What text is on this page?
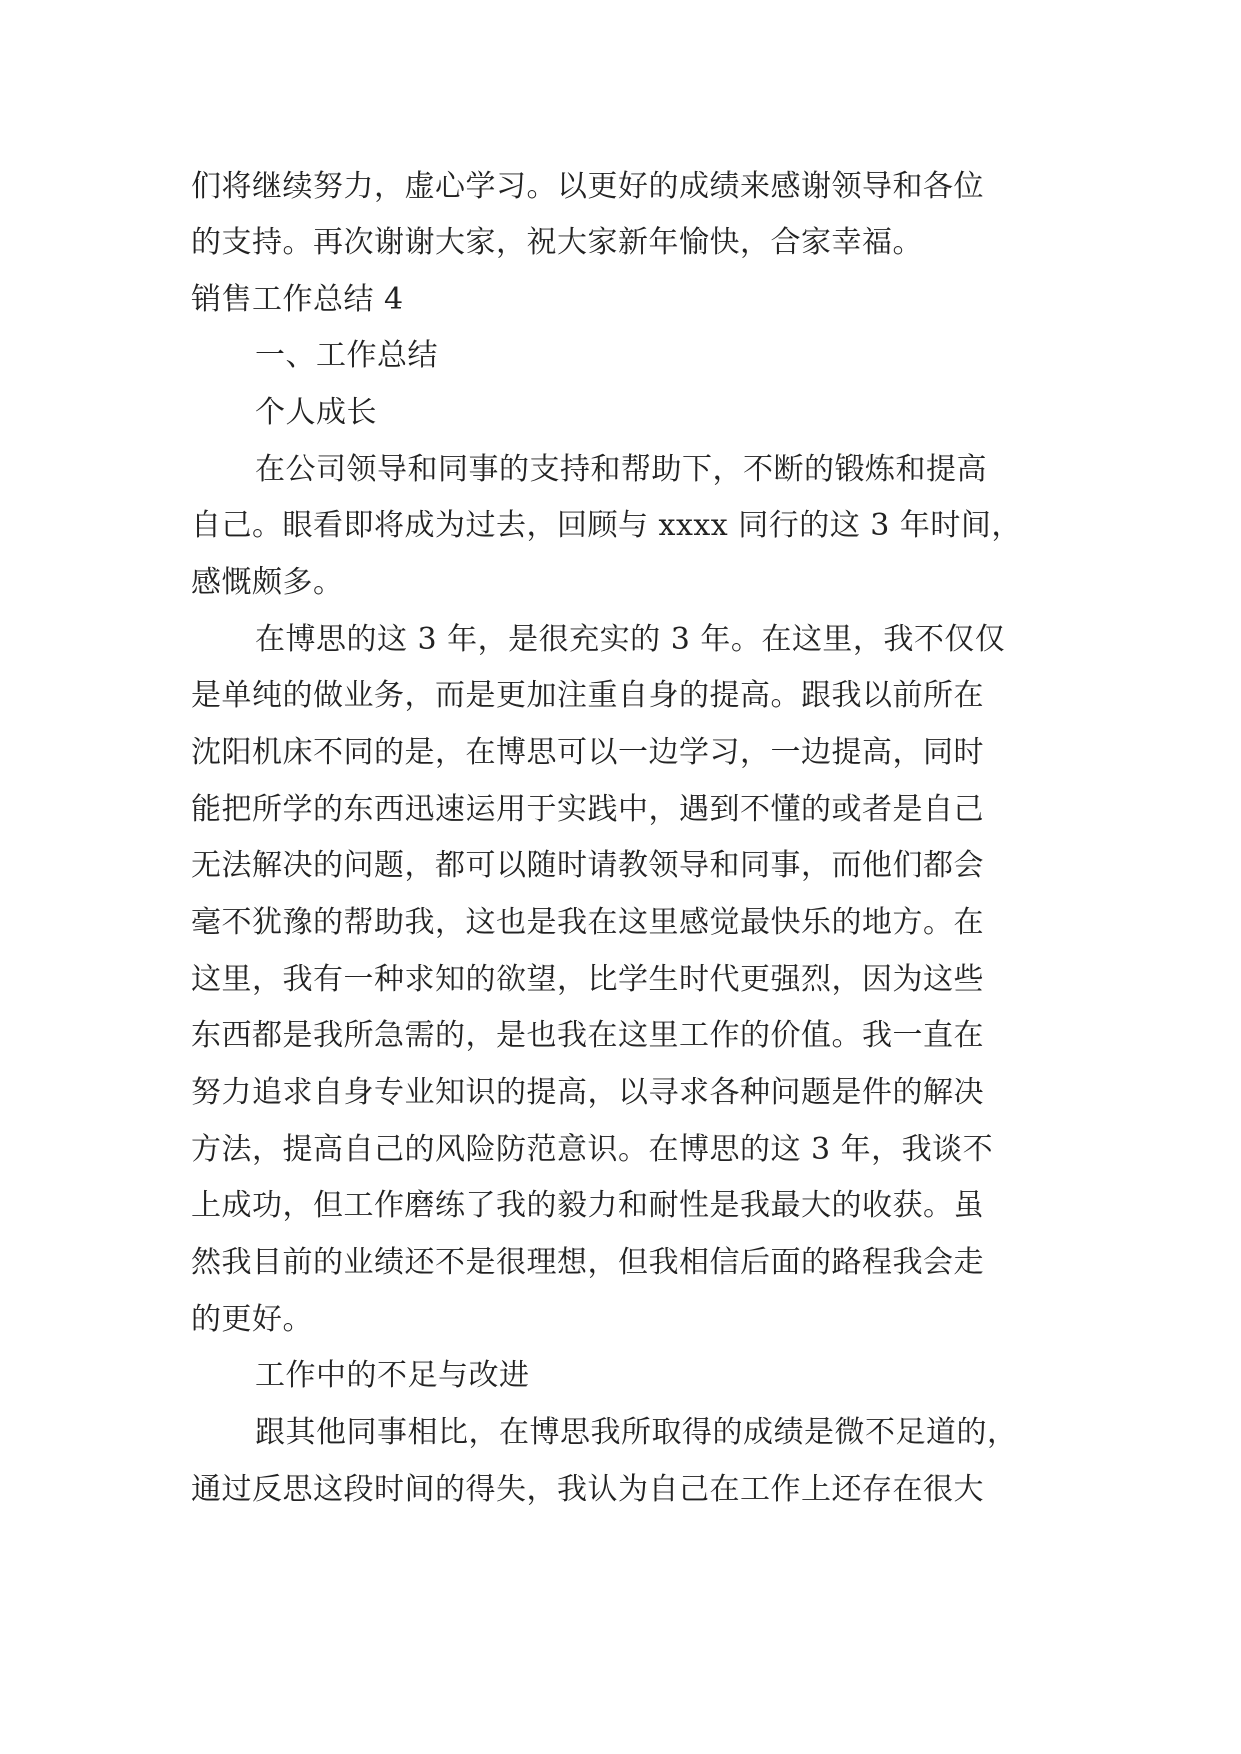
们将继续努力，虚心学习。以更好的成绩来感谢领导和各位
的支持。再次谢谢大家，祝大家新年愉快，合家幸福。
销售工作总结 4
一、工作总结
个人成长
在公司领导和同事的支持和帮助下，不断的锻炼和提高
自己。眼看即将成为过去，回顾与 xxxx 同行的这 3 年时间，
感慨颇多。
在博思的这 3 年，是很充实的 3 年。在这里，我不仅仅
是单纯的做业务，而是更加注重自身的提高。跟我以前所在
沈阳机床不同的是，在博思可以一边学习，一边提高，同时
能把所学的东西迅速运用于实践中，遇到不懂的或者是自己
无法解决的问题，都可以随时请教领导和同事，而他们都会
毫不犹豫的帮助我，这也是我在这里感觉最快乐的地方。在
这里，我有一种求知的欲望，比学生时代更强烈，因为这些
东西都是我所急需的，是也我在这里工作的价值。我一直在
努力追求自身专业知识的提高，以寻求各种问题是件的解决
方法，提高自己的风险防范意识。在博思的这 3 年，我谈不
上成功，但工作磨练了我的毅力和耐性是我最大的收获。虽
然我目前的业绩还不是很理想，但我相信后面的路程我会走
的更好。
工作中的不足与改进
跟其他同事相比，在博思我所取得的成绩是微不足道的，
通过反思这段时间的得失，我认为自己在工作上还存在很大
